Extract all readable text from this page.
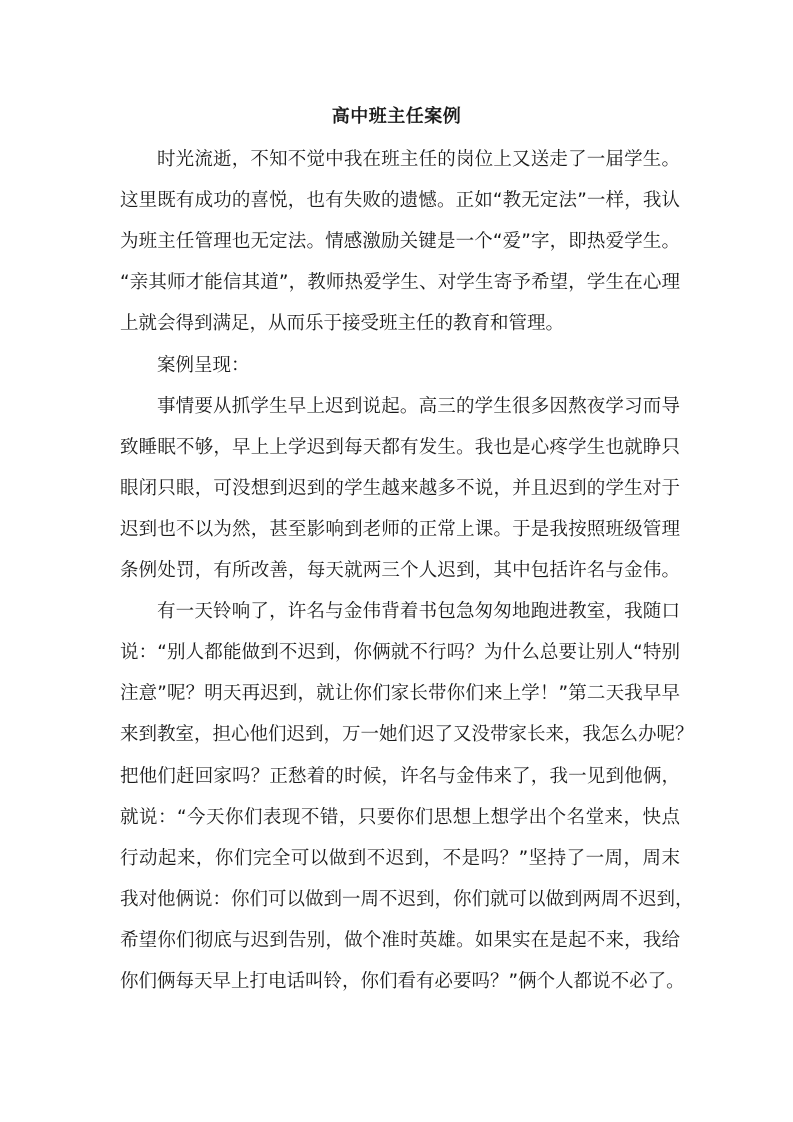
高中班主任案例
时光流逝，不知不觉中我在班主任的岗位上又送走了一届学生。
这里既有成功的喜悦，也有失败的遗憾。正如“教无定法”一样，我认
为班主任管理也无定法。情感激励关键是一个“爱”字，即热爱学生。
“亲其师才能信其道”，教师热爱学生、对学生寄予希望，学生在心理
上就会得到满足，从而乐于接受班主任的教育和管理。
案例呈现：
事情要从抓学生早上迟到说起。高三的学生很多因熬夜学习而导
致睡眠不够，早上上学迟到每天都有发生。我也是心疼学生也就睁只
眼闭只眼，可没想到迟到的学生越来越多不说，并且迟到的学生对于
迟到也不以为然，甚至影响到老师的正常上课。于是我按照班级管理
条例处罚，有所改善，每天就两三个人迟到，其中包括许名与金伟。
有一天铃响了，许名与金伟背着书包急匆匆地跑进教室，我随口
说：“别人都能做到不迟到，你俩就不行吗？为什么总要让别人“特别
注意”呢？明天再迟到，就让你们家长带你们来上学！”第二天我早早
来到教室，担心他们迟到，万一她们迟了又没带家长来，我怎么办呢？
把他们赶回家吗？正愁着的时候，许名与金伟来了，我一见到他俩，
就说：“今天你们表现不错，只要你们思想上想学出个名堂来，快点
行动起来，你们完全可以做到不迟到，不是吗？”坚持了一周，周末
我对他俩说：你们可以做到一周不迟到，你们就可以做到两周不迟到，
希望你们彻底与迟到告别，做个准时英雄。如果实在是起不来，我给
你们俩每天早上打电话叫铃，你们看有必要吗？”俩个人都说不必了。
